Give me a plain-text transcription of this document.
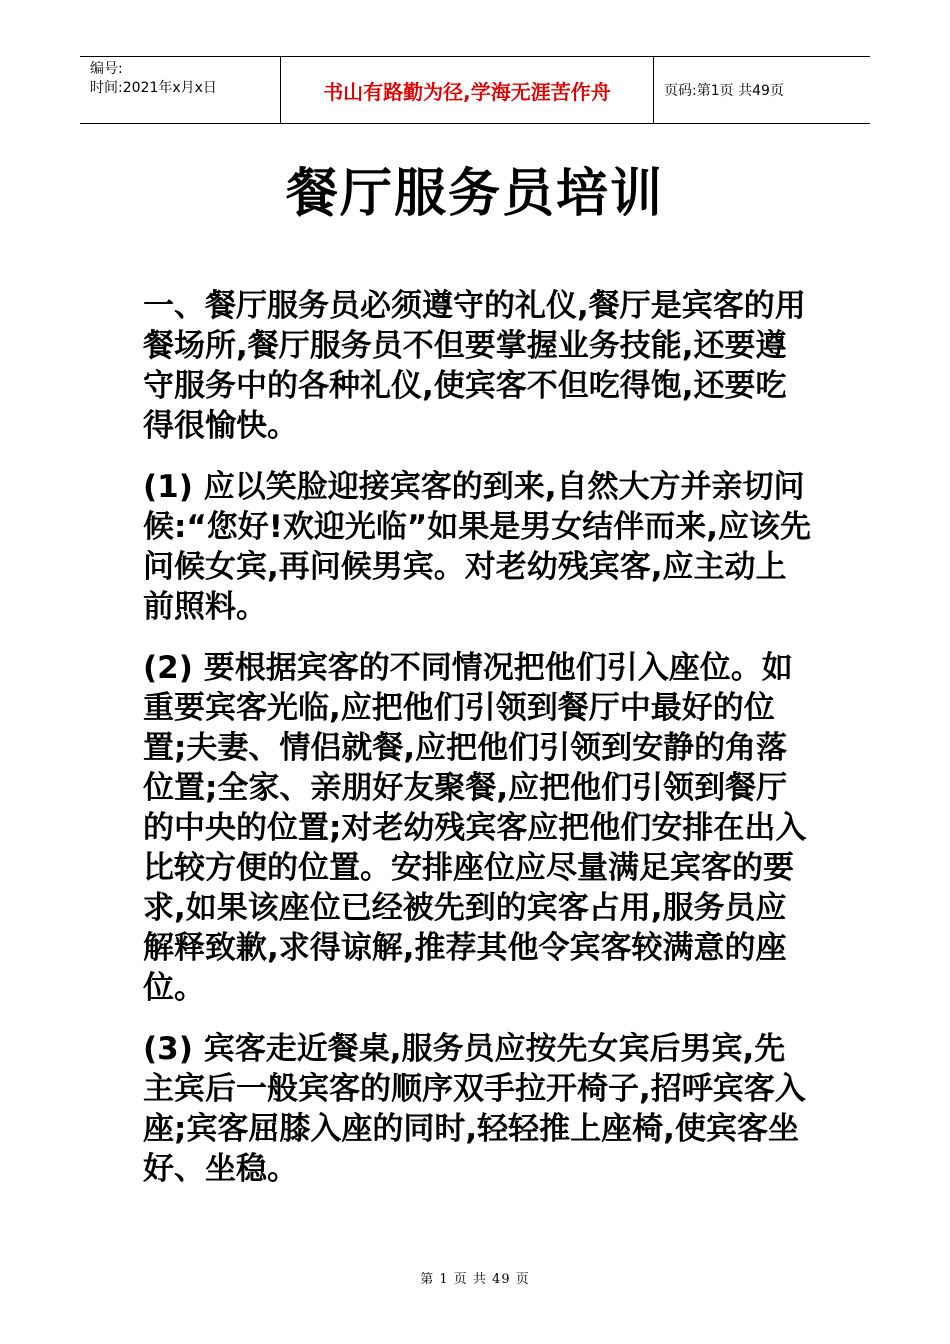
编号:
时间:2021年x月x日	书山有路勤为径,学海无涯苦作舟	页码:第1页 共49页
餐厅服务员培训

一、餐厅服务员必须遵守的礼仪,餐厅是宾客的用餐场所,餐厅服务员不但要掌握业务技能,还要遵守服务中的各种礼仪,使宾客不但吃得饱,还要吃得很愉快。

(1) 应以笑脸迎接宾客的到来,自然大方并亲切问候:“您好!欢迎光临”如果是男女结伴而来,应该先问候女宾,再问候男宾。对老幼残宾客,应主动上前照料。

(2) 要根据宾客的不同情况把他们引入座位。如重要宾客光临,应把他们引领到餐厅中最好的位置;夫妻、情侣就餐,应把他们引领到安静的角落位置;全家、亲朋好友聚餐,应把他们引领到餐厅的中央的位置;对老幼残宾客应把他们安排在出入比较方便的位置。安排座位应尽量满足宾客的要求,如果该座位已经被先到的宾客占用,服务员应解释致歉,求得谅解,推荐其他令宾客较满意的座位。

(3) 宾客走近餐桌,服务员应按先女宾后男宾,先主宾后一般宾客的顺序双手拉开椅子,招呼宾客入座;宾客屈膝入座的同时,轻轻推上座椅,使宾客坐好、坐稳。

第 1 页 共 49 页
